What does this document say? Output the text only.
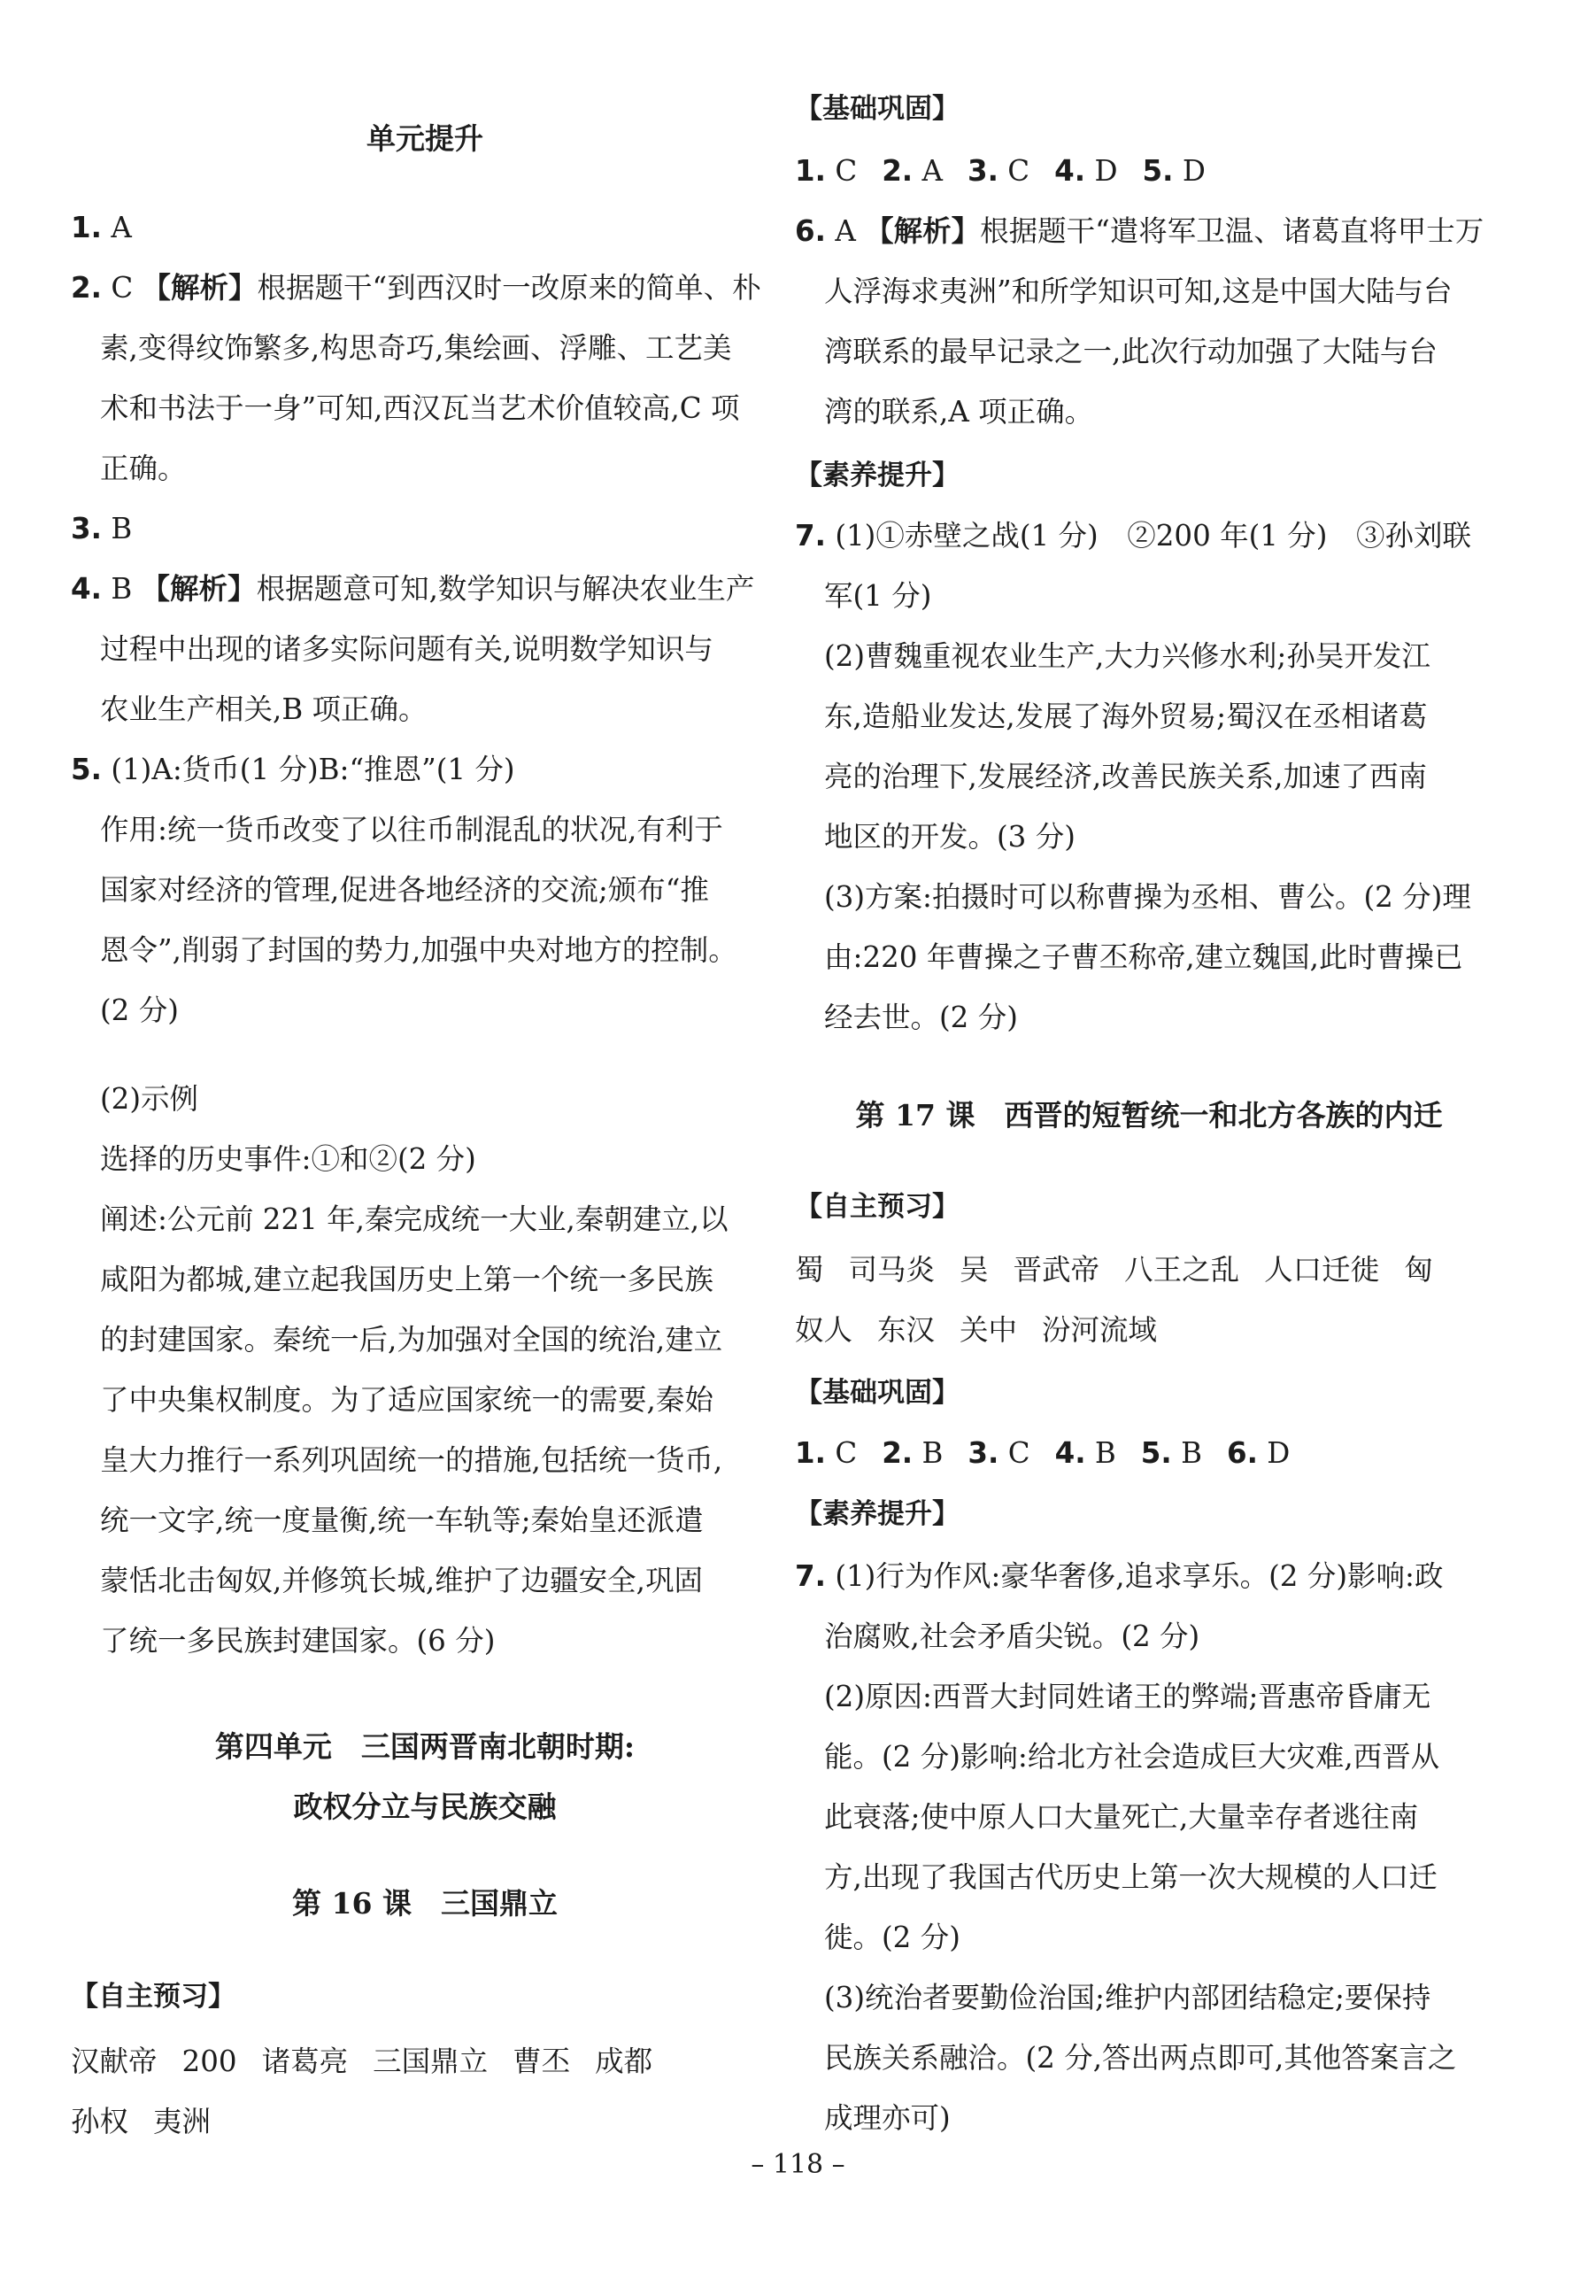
单元提升
1. A
2. C 【解析】根据题干“到西汉时一改原来的简单、朴
素,变得纹饰繁多,构思奇巧,集绘画、浮雕、工艺美
术和书法于一身”可知,西汉瓦当艺术价值较高,C 项
正确。
3. B
4. B 【解析】根据题意可知,数学知识与解决农业生产
过程中出现的诸多实际问题有关,说明数学知识与
农业生产相关,B 项正确。
5. (1)A:货币(1 分)B:“推恩”(1 分)
作用:统一货币改变了以往币制混乱的状况,有利于
国家对经济的管理,促进各地经济的交流;颁布“推
恩令”,削弱了封国的势力,加强中央对地方的控制。
(2 分)
(2)示例
选择的历史事件:①和②(2 分)
阐述:公元前 221 年,秦完成统一大业,秦朝建立,以
咸阳为都城,建立起我国历史上第一个统一多民族
的封建国家。秦统一后,为加强对全国的统治,建立
了中央集权制度。为了适应国家统一的需要,秦始
皇大力推行一系列巩固统一的措施,包括统一货币,
统一文字,统一度量衡,统一车轨等;秦始皇还派遣
蒙恬北击匈奴,并修筑长城,维护了边疆安全,巩固
了统一多民族封建国家。(6 分)
第四单元　三国两晋南北朝时期:
政权分立与民族交融
第 16 课　三国鼎立
【自主预习】
汉献帝 200 诸葛亮 三国鼎立 曹丕 成都
孙权 夷洲
【基础巩固】
1. C 2. A 3. C 4. D 5. D
6. A 【解析】根据题干“遣将军卫温、诸葛直将甲士万
人浮海求夷洲”和所学知识可知,这是中国大陆与台
湾联系的最早记录之一,此次行动加强了大陆与台
湾的联系,A 项正确。
【素养提升】
7. (1)①赤壁之战(1 分)　②200 年(1 分)　③孙刘联
军(1 分)
(2)曹魏重视农业生产,大力兴修水利;孙吴开发江
东,造船业发达,发展了海外贸易;蜀汉在丞相诸葛
亮的治理下,发展经济,改善民族关系,加速了西南
地区的开发。(3 分)
(3)方案:拍摄时可以称曹操为丞相、曹公。(2 分)理
由:220 年曹操之子曹丕称帝,建立魏国,此时曹操已
经去世。(2 分)
第 17 课　西晋的短暂统一和北方各族的内迁
【自主预习】
蜀 司马炎 吴 晋武帝 八王之乱 人口迁徙 匈
奴人 东汉 关中 汾河流域
【基础巩固】
1. C 2. B 3. C 4. B 5. B 6. D
【素养提升】
7. (1)行为作风:豪华奢侈,追求享乐。(2 分)影响:政
治腐败,社会矛盾尖锐。(2 分)
(2)原因:西晋大封同姓诸王的弊端;晋惠帝昏庸无
能。(2 分)影响:给北方社会造成巨大灾难,西晋从
此衰落;使中原人口大量死亡,大量幸存者逃往南
方,出现了我国古代历史上第一次大规模的人口迁
徙。(2 分)
(3)统治者要勤俭治国;维护内部团结稳定;要保持
民族关系融洽。(2 分,答出两点即可,其他答案言之
成理亦可)
– 118 –
